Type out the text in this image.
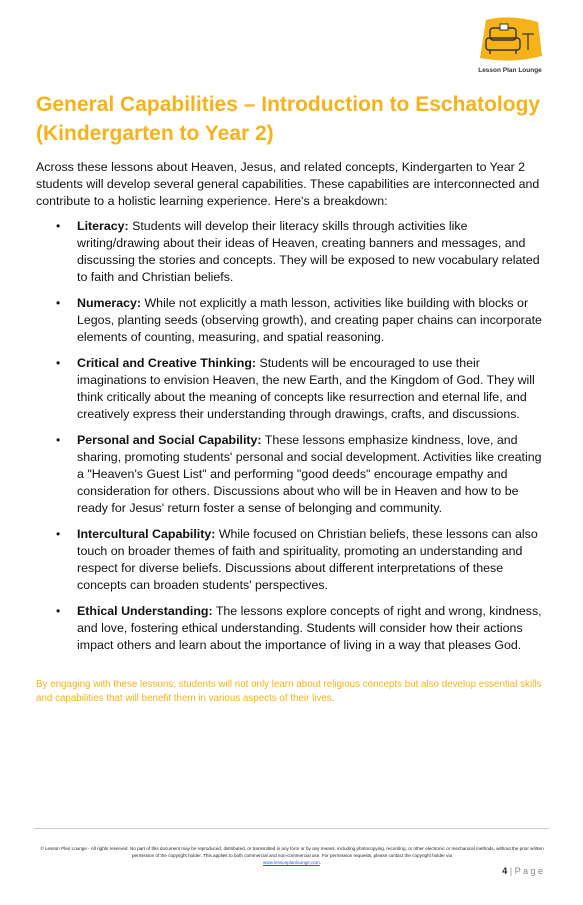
Lesson Plan Lounge
General Capabilities – Introduction to Eschatology (Kindergarten to Year 2)

Across these lessons about Heaven, Jesus, and related concepts, Kindergarten to Year 2 students will develop several general capabilities. These capabilities are interconnected and contribute to a holistic learning experience. Here's a breakdown:

• Literacy: Students will develop their literacy skills through activities like writing/drawing about their ideas of Heaven, creating banners and messages, and discussing the stories and concepts. They will be exposed to new vocabulary related to faith and Christian beliefs.
• Numeracy: While not explicitly a math lesson, activities like building with blocks or Legos, planting seeds (observing growth), and creating paper chains can incorporate elements of counting, measuring, and spatial reasoning.
• Critical and Creative Thinking: Students will be encouraged to use their imaginations to envision Heaven, the new Earth, and the Kingdom of God. They will think critically about the meaning of concepts like resurrection and eternal life, and creatively express their understanding through drawings, crafts, and discussions.
• Personal and Social Capability: These lessons emphasize kindness, love, and sharing, promoting students' personal and social development. Activities like creating a "Heaven's Guest List" and performing "good deeds" encourage empathy and consideration for others. Discussions about who will be in Heaven and how to be ready for Jesus' return foster a sense of belonging and community.
• Intercultural Capability: While focused on Christian beliefs, these lessons can also touch on broader themes of faith and spirituality, promoting an understanding and respect for diverse beliefs. Discussions about different interpretations of these concepts can broaden students' perspectives.
• Ethical Understanding: The lessons explore concepts of right and wrong, kindness, and love, fostering ethical understanding. Students will consider how their actions impact others and learn about the importance of living in a way that pleases God.

By engaging with these lessons, students will not only learn about religious concepts but also develop essential skills and capabilities that will benefit them in various aspects of their lives.

© Lesson Plan Lounge - All rights reserved. No part of this document may be reproduced, distributed, or transmitted in any form or by any means, including photocopying, recording, or other electronic or mechanical methods, without the prior written permission of the copyright holder. This applies to both commercial and non-commercial use. For permission requests, please contact the copyright holder via
www.lessonplanlounge.com.
4 | P a g e
